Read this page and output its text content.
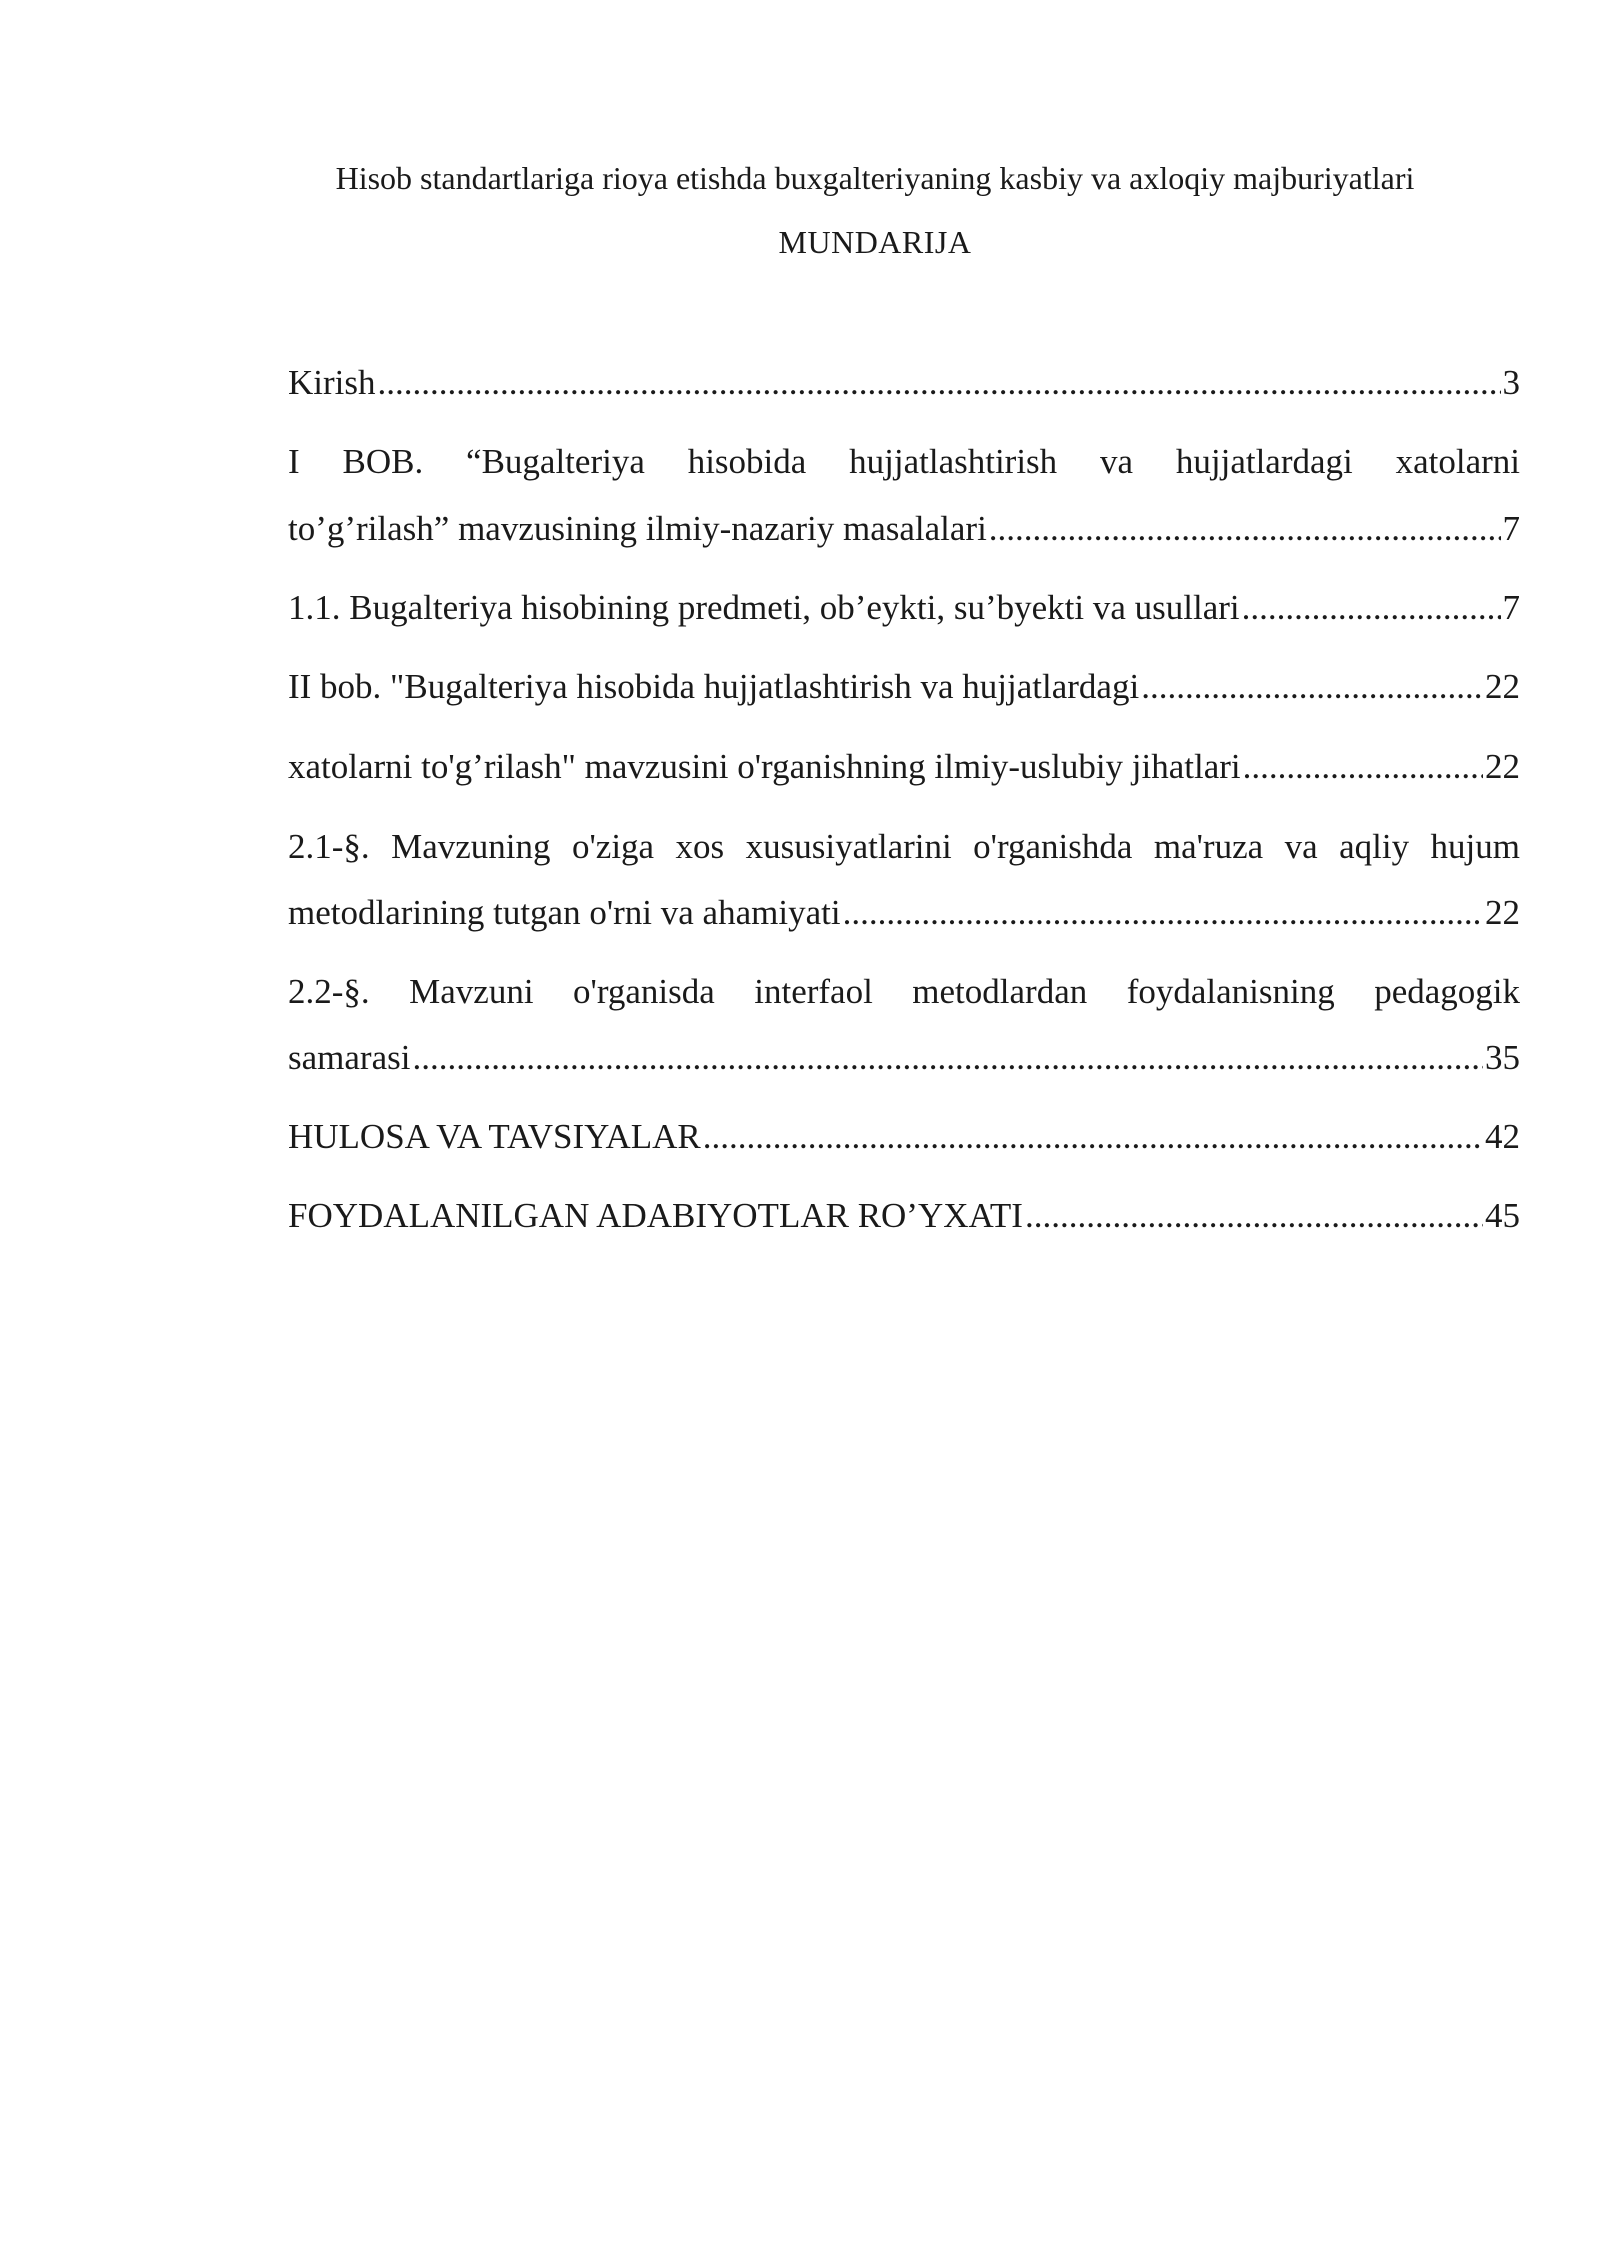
Hisob standartlariga rioya etishda buxgalteriyaning kasbiy va axloqiy majburiyatlari
MUNDARIJA
Kirish .....	3
I BOB. “Bugalteriya hisobida hujjatlashtirish va hujjatlardagi xatolarni
to’g’rilash” mavzusining ilmiy-nazariy masalalari .....	7
1.1. Bugalteriya hisobining predmeti, ob’eykti, su’byekti va usullari .....	7
II bob. "Bugalteriya hisobida hujjatlashtirish va hujjatlardagi .....	22
xatolarni to'g’rilash" mavzusini o'rganishning ilmiy-uslubiy jihatlari .....	22
2.1-§. Mavzuning o'ziga xos xususiyatlarini o'rganishda ma'ruza va aqliy hujum
metodlarining tutgan o'rni va ahamiyati .....	22
2.2-§. Mavzuni o'rganisda interfaol metodlardan foydalanisning pedagogik
samarasi .....	35
HULOSA VA TAVSIYALAR .....	42
FOYDALANILGAN ADABIYOTLAR RO’YXATI .....	45
